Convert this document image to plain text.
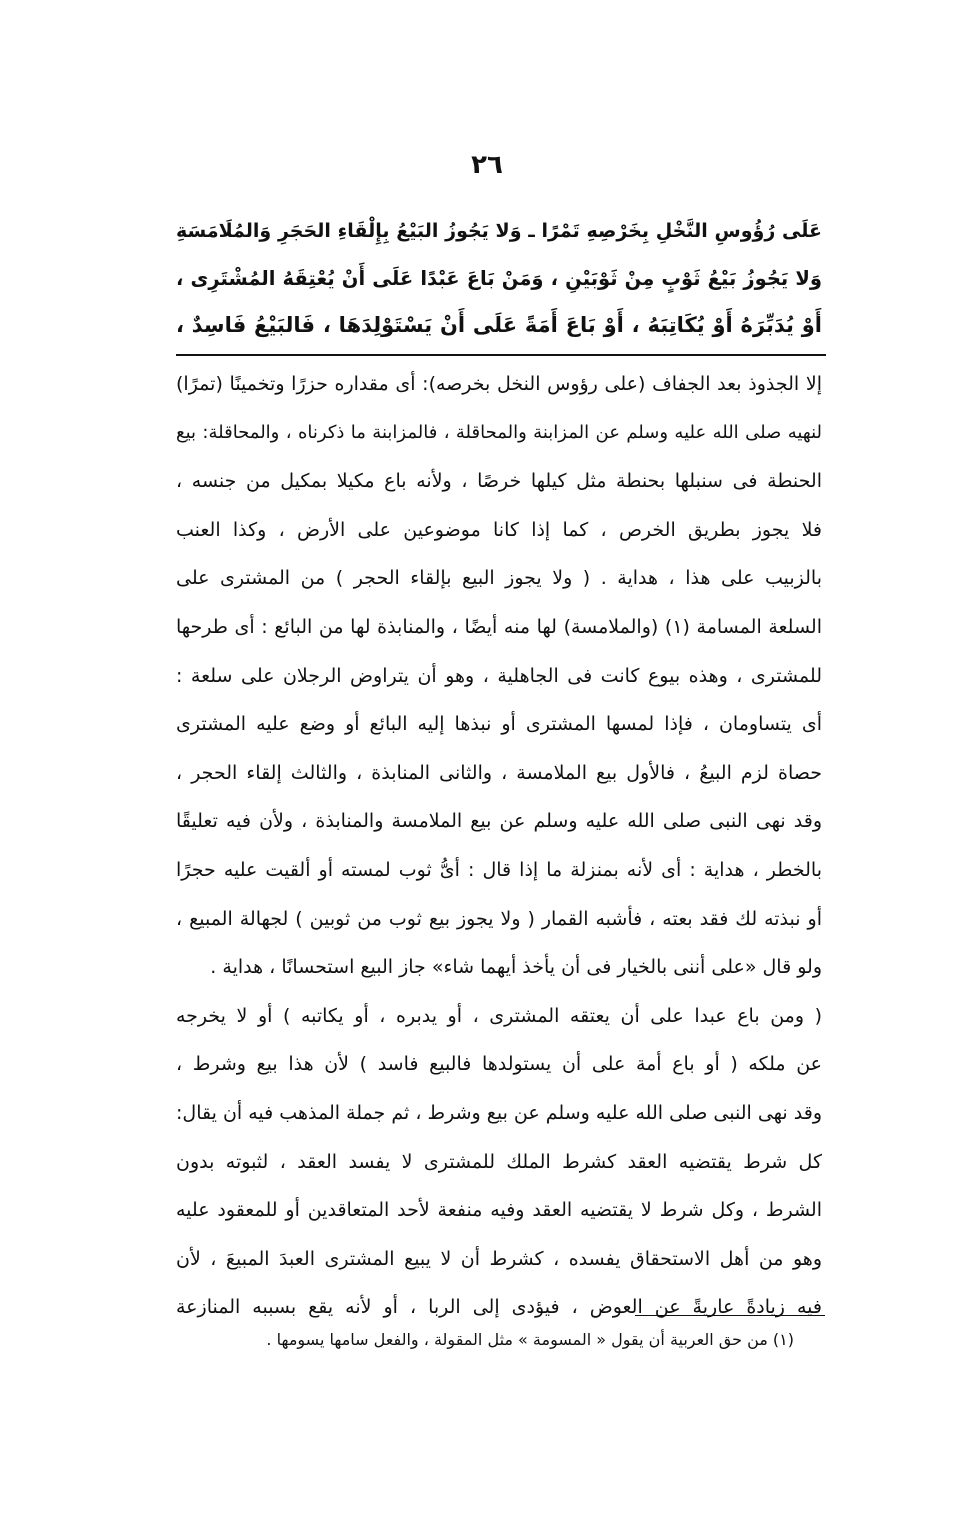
٢٦
عَلَى رُؤُوسِ النَّخْلِ بِخَرْصِهِ تَمْرًا ـ وَلا يَجُوزُ البَيْعُ بِإِلْقَاءِ الحَجَرِ وَالمُلَامَسَةِ
وَلا يَجُوزُ بَيْعُ ثَوْبٍ مِنْ ثَوْبَيْنِ ، وَمَنْ بَاعَ عَبْدًا عَلَى أَنْ يُعْتِقَهُ المُشْتَرِى ،
أَوْ يُدَبِّرَهُ أَوْ يُكَاتِبَهُ ، أَوْ بَاعَ أَمَةً عَلَى أَنْ يَسْتَوْلِدَهَا ، فَالبَيْعُ فَاسِدٌ ،
إلا الجذوذ بعد الجفاف (على رؤوس النخل بخرصه): أى مقداره حزرًا وتخمينًا (تمرًا)
لنهيه صلى الله عليه وسلم عن المزابنة والمحاقلة ، فالمزابنة ما ذكرناه ، والمحاقلة: بيع
الحنطة فى سنبلها بحنطة مثل كيلها خرصًا ، ولأنه باع مكيلا بمكيل من جنسه ،
فلا يجوز بطريق الخرص ، كما إذا كانا موضوعين على الأرض ، وكذا العنب
بالزبيب على هذا ، هداية . ( ولا يجوز البيع بإلقاء الحجر ) من المشترى على
السلعة المسامة (١) (والملامسة) لها منه أيضًا ، والمنابذة لها من البائع : أى طرحها
للمشترى ، وهذه بيوع كانت فى الجاهلية ، وهو أن يتراوض الرجلان على سلعة :
أى يتساومان ، فإذا لمسها المشترى أو نبذها إليه البائع أو وضع عليه المشترى
حصاة لزم البيعُ ، فالأول بيع الملامسة ، والثانى المنابذة ، والثالث إلقاء الحجر ،
وقد نهى النبى صلى الله عليه وسلم عن بيع الملامسة والمنابذة ، ولأن فيه تعليقًا
بالخطر ، هداية : أى لأنه بمنزلة ما إذا قال : أىُّ ثوب لمسته أو ألقيت عليه حجرًا
أو نبذته لك فقد بعته ، فأشبه القمار ( ولا يجوز بيع ثوب من ثوبين ) لجهالة المبيع ،
ولو قال «على أننى بالخيار فى أن يأخذ أيهما شاء» جاز البيع استحسانًا ، هداية .
( ومن باع عبدا على أن يعتقه المشترى ، أو يدبره ، أو يكاتبه ) أو لا يخرجه
عن ملكه ( أو باع أمة على أن يستولدها فالبيع فاسد ) لأن هذا بيع وشرط ،
وقد نهى النبى صلى الله عليه وسلم عن بيع وشرط ، ثم جملة المذهب فيه أن يقال:
كل شرط يقتضيه العقد كشرط الملك للمشترى لا يفسد العقد ، لثبوته بدون
الشرط ، وكل شرط لا يقتضيه العقد وفيه منفعة لأحد المتعاقدين أو للمعقود عليه
وهو من أهل الاستحقاق يفسده ، كشرط أن لا يبيع المشترى العبدَ المبيعَ ، لأن
فيه زيادةً عاريةً عن العوض ، فيؤدى إلى الربا ، أو لأنه يقع بسببه المنازعة
(١) من حق العربية أن يقول « المسومة » مثل المقولة ، والفعل سامها يسومها .
